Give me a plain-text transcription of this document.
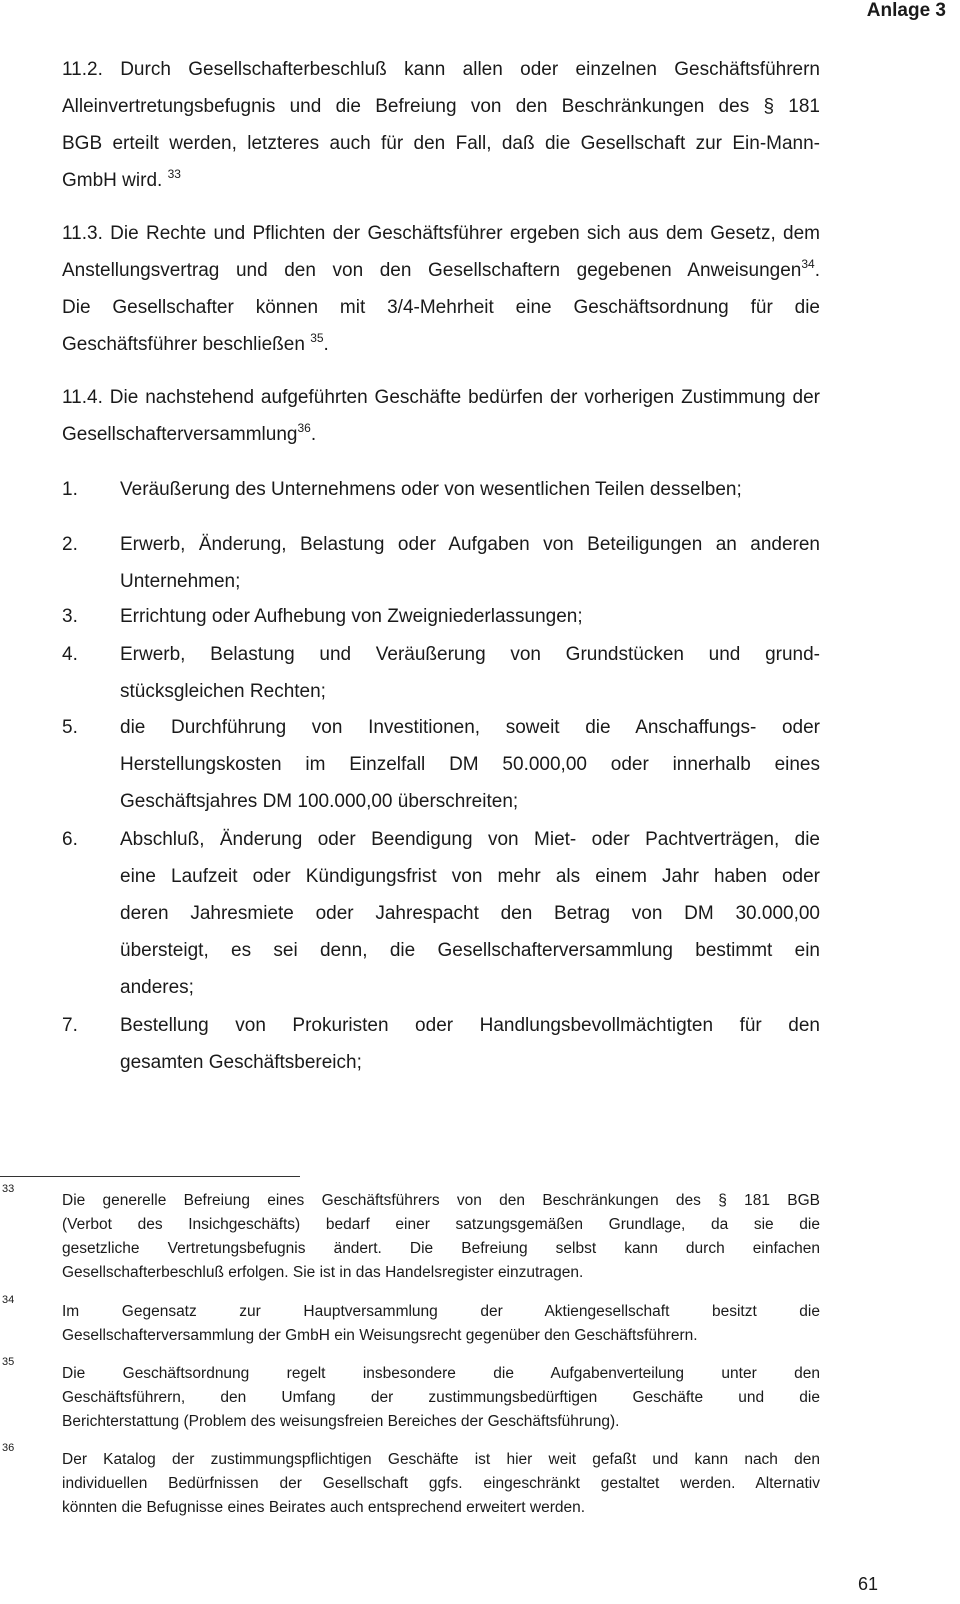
Anlage 3
11.2. Durch Gesellschafterbeschluß kann allen oder einzelnen Geschäftsführern
Alleinvertretungsbefugnis und die Befreiung von den Beschränkungen des § 181
BGB erteilt werden, letzteres auch für den Fall, daß die Gesellschaft zur Ein-Mann-
GmbH wird. $^{33}$
11.3. Die Rechte und Pflichten der Geschäftsführer ergeben sich aus dem Gesetz, dem
Anstellungsvertrag und den von den Gesellschaftern gegebenen Anweisungen$^{34}$.
Die Gesellschafter können mit 3/4-Mehrheit eine Geschäftsordnung für die
Geschäftsführer beschließen $^{35}$.
11.4. Die nachstehend aufgeführten Geschäfte bedürfen der vorherigen Zustimmung der
Gesellschafterversammlung$^{36}$.
1. Veräußerung des Unternehmens oder von wesentlichen Teilen desselben;
2. Erwerb, Änderung, Belastung oder Aufgaben von Beteiligungen an anderen
Unternehmen;
3. Errichtung oder Aufhebung von Zweigniederlassungen;
4. Erwerb, Belastung und Veräußerung von Grundstücken und grund-
stücksgleichen Rechten;
5. die Durchführung von Investitionen, soweit die Anschaffungs- oder
Herstellungskosten im Einzelfall DM 50.000,00 oder innerhalb eines
Geschäftsjahres DM 100.000,00 überschreiten;
6. Abschluß, Änderung oder Beendigung von Miet- oder Pachtverträgen, die
eine Laufzeit oder Kündigungsfrist von mehr als einem Jahr haben oder
deren Jahresmiete oder Jahrespacht den Betrag von DM 30.000,00
übersteigt, es sei denn, die Gesellschafterversammlung bestimmt ein
anderes;
7. Bestellung von Prokuristen oder Handlungsbevollmächtigten für den
gesamten Geschäftsbereich;
33
Die generelle Befreiung eines Geschäftsführers von den Beschränkungen des § 181 BGB
(Verbot des Insichgeschäfts) bedarf einer satzungsgemäßen Grundlage, da sie die
gesetzliche Vertretungsbefugnis ändert. Die Befreiung selbst kann durch einfachen
Gesellschafterbeschluß erfolgen. Sie ist in das Handelsregister einzutragen.
34
Im Gegensatz zur Hauptversammlung der Aktiengesellschaft besitzt die
Gesellschafterversammlung der GmbH ein Weisungsrecht gegenüber den Geschäftsführern.
35
Die Geschäftsordnung regelt insbesondere die Aufgabenverteilung unter den
Geschäftsführern, den Umfang der zustimmungsbedürftigen Geschäfte und die
Berichterstattung (Problem des weisungsfreien Bereiches der Geschäftsführung).
36
Der Katalog der zustimmungspflichtigen Geschäfte ist hier weit gefaßt und kann nach den
individuellen Bedürfnissen der Gesellschaft ggfs. eingeschränkt gestaltet werden. Alternativ
könnten die Befugnisse eines Beirates auch entsprechend erweitert werden.
61
